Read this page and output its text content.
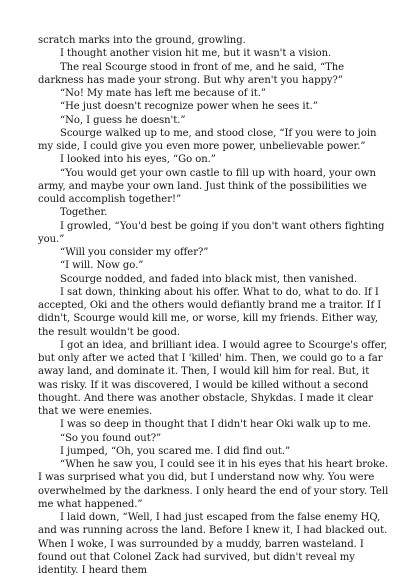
scratch marks into the ground, growling.

I thought another vision hit me, but it wasn't a vision.

The real Scourge stood in front of me, and he said, “The darkness has made your strong. But why aren't you happy?”

“No! My mate has left me because of it.”

“He just doesn't recognize power when he sees it.”

“No, I guess he doesn't.”

Scourge walked up to me, and stood close, “If you were to join my side, I could give you even more power, unbelievable power.”

I looked into his eyes, “Go on.”

“You would get your own castle to fill up with hoard, your own army, and maybe your own land. Just think of the possibilities we could accomplish together!”

Together.

I growled, “You'd best be going if you don't want others fighting you.”

“Will you consider my offer?”

“I will. Now go.”

Scourge nodded, and faded into black mist, then vanished.

I sat down, thinking about his offer. What to do, what to do. If I accepted, Oki and the others would defiantly brand me a traitor. If I didn't, Scourge would kill me, or worse, kill my friends. Either way, the result wouldn't be good.

I got an idea, and brilliant idea. I would agree to Scourge's offer, but only after we acted that I 'killed' him. Then, we could go to a far away land, and dominate it. Then, I would kill him for real. But, it was risky. If it was discovered, I would be killed without a second thought. And there was another obstacle, Shykdas. I made it clear that we were enemies.

I was so deep in thought that I didn't hear Oki walk up to me.

“So you found out?”

I jumped, “Oh, you scared me. I did find out.”

“When he saw you, I could see it in his eyes that his heart broke. I was surprised what you did, but I understand now why. You were overwhelmed by the darkness. I only heard the end of your story. Tell me what happened.”

I laid down, “Well, I had just escaped from the false enemy HQ, and was running across the land. Before I knew it, I had blacked out. When I woke, I was surrounded by a muddy, barren wasteland. I found out that Colonel Zack had survived, but didn't reveal my identity. I heard them
